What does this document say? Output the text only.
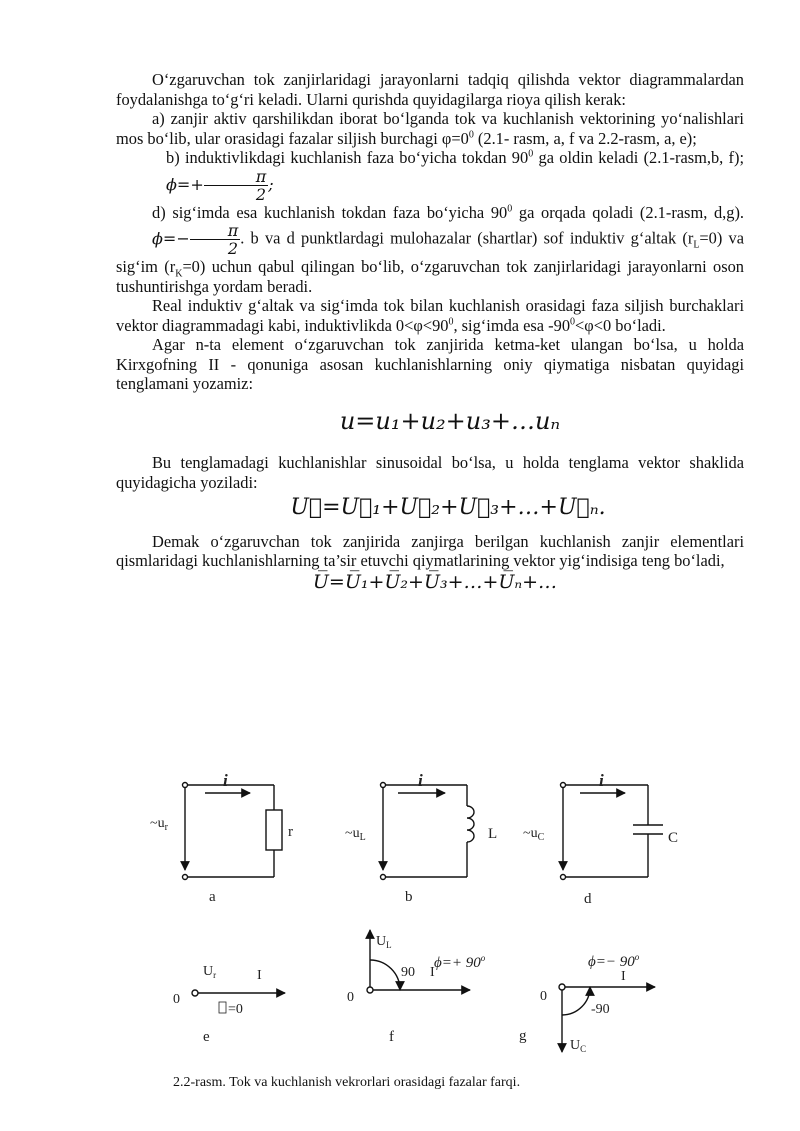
O‘zgaruvchan tok zanjirlaridagi jarayonlarni tadqiq qilishda vektor diagrammalardan foydalanishga to‘g‘ri keladi. Ularni qurishda quyidagilarga rioya qilish kerak:

a) zanjir aktiv qarshilikdan iborat bo‘lganda tok va kuchlanish vektorining yo‘nalishlari mos bo‘lib, ular orasidagi fazalar siljish burchagi $\varphi=0^0$ (2.1- rasm, a, f va 2.2-rasm, a, e);

b) induktivlikdagi kuchlanish faza bo‘yicha tokdan $90^0$ ga oldin keladi (2.1-rasm,b, f); $\phi=+ \frac{\pi}{2}$ ;

d) sig‘imda esa kuchlanish tokdan faza bo‘yicha $90^0$ ga orqada qoladi (2.1-rasm, d,g). $\phi=- \frac{\pi}{2}$ . b va d punktlardagi mulohazalar (shartlar) sof induktiv g‘altak $(r_L=0)$ va sig‘im $(r_K=0)$ uchun qabul qilingan bo‘lib, o‘zgaruvchan tok zanjirlaridagi jarayonlarni oson tushuntirishga yordam beradi.

Real induktiv g‘altak va sig‘imda tok bilan kuchlanish orasidagi faza siljish burchaklari vektor diagrammadagi kabi, induktivlikda $0<\varphi<90^0$, sig‘imda esa $-90^0<\varphi<0$ bo‘ladi.

Agar n-ta element o‘zgaruvchan tok zanjirida ketma-ket ulangan bo‘lsa, u holda Kirxgofning II - qonuniga asosan kuchlanishlarning oniy qiymatiga nisbatan quyidagi tenglamani yozamiz:

u=u₁+u₂+u₃+…uₙ

Bu tenglamadagi kuchlanishlar sinusoidal bo‘lsa, u holda tenglama vektor shaklida quyidagicha yoziladi:

U⃗=U⃗₁+U⃗₂+U⃗₃+…+U⃗ₙ.

Demak o‘zgaruvchan tok zanjirida zanjirga berilgan kuchlanish zanjir elementlari qismlaridagi kuchlanishlarning ta’sir etuvchi qiymatlarining vektor yig‘indisiga teng bo‘ladi,

U̅=U̅₁+U̅₂+U̅₃+…+U̅ₙ+…
i
$\sim u_r$	r
a
i
$\sim u_L$	L
b
i
$\sim u_C$	C
d
0
$U_r$	I
=0
e
0
$U_L$
90 I
$\phi=+ 90^o$
f
0
$\phi=- 90^o$
I
-90
$U_C$
g
2.2-rasm. Tok va kuchlanish vekrorlari orasidagi fazalar farqi.
